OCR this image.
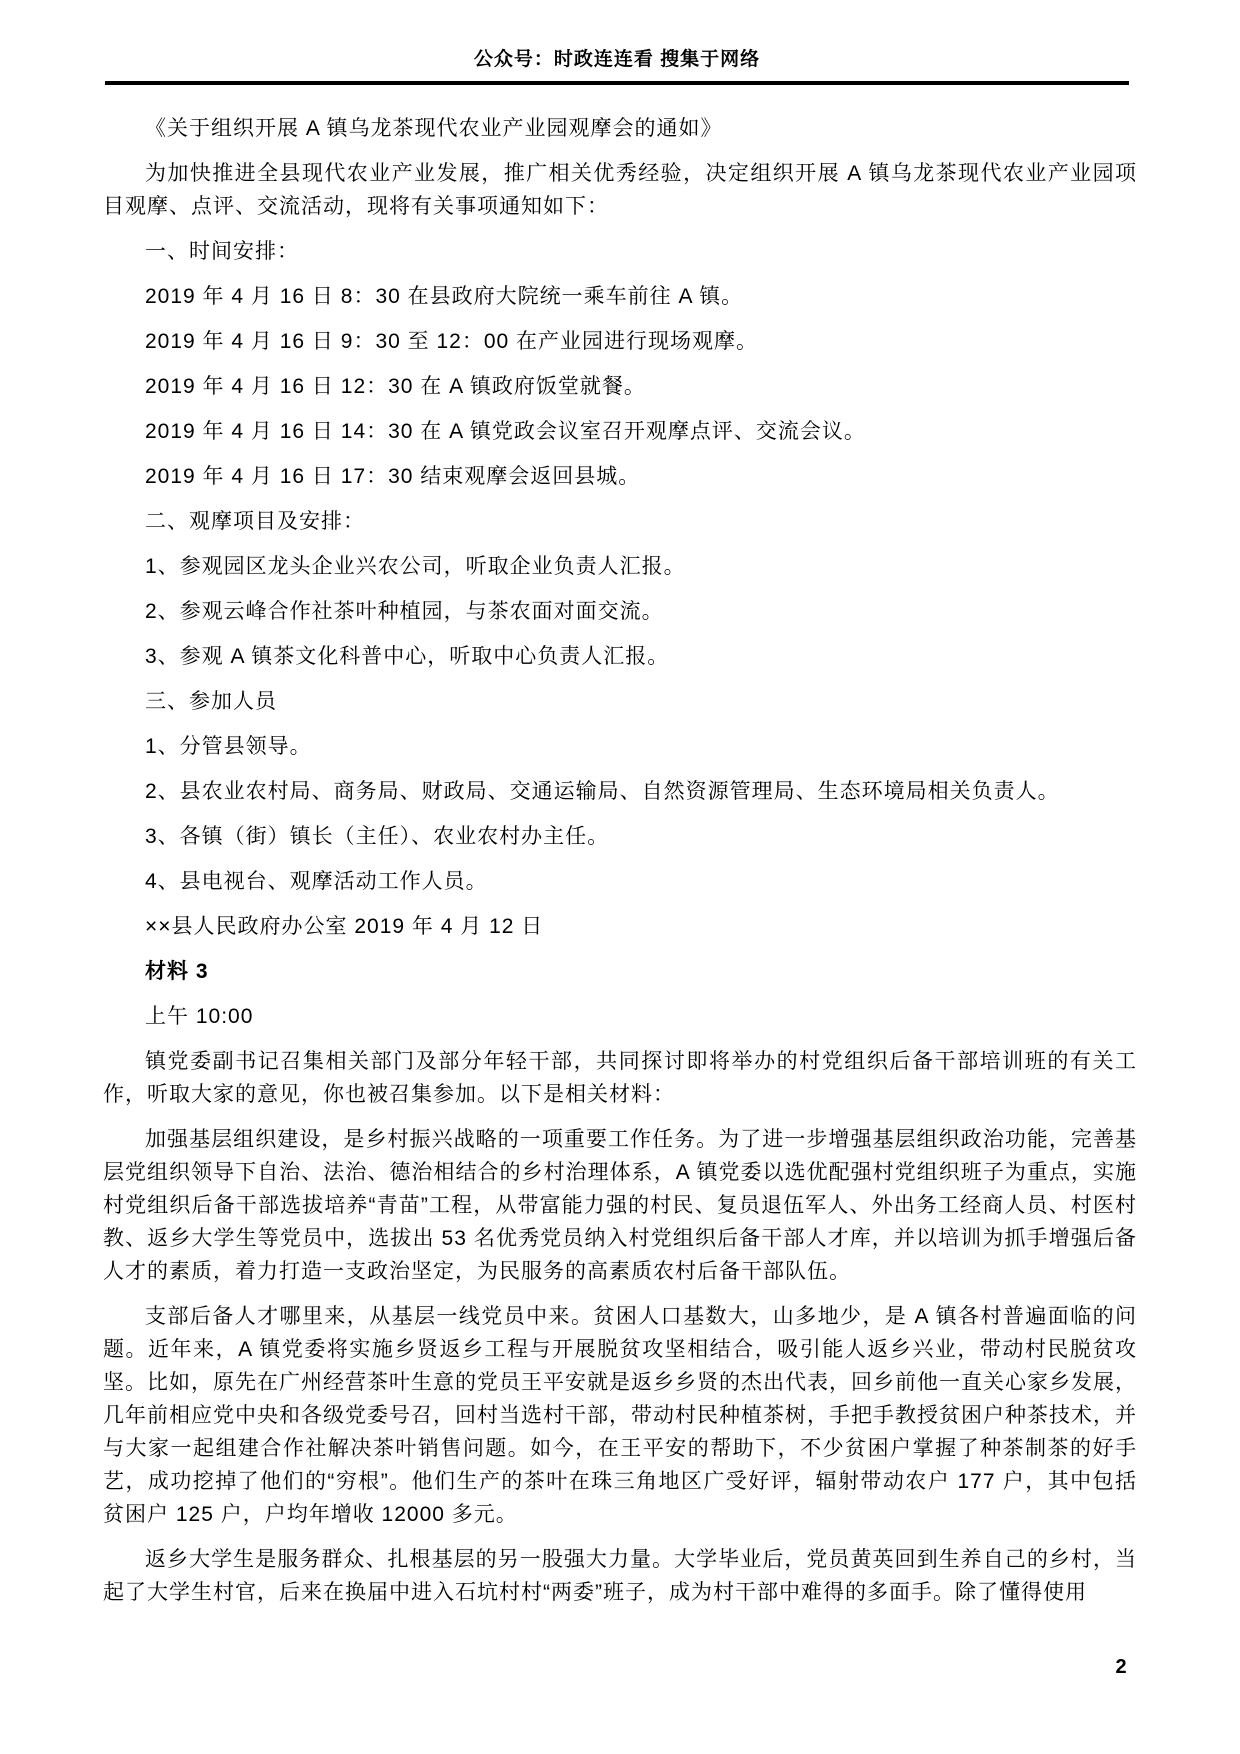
公众号：时政连连看 搜集于网络

《关于组织开展 A 镇乌龙茶现代农业产业园观摩会的通如》

为加快推进全县现代农业产业发展，推广相关优秀经验，决定组织开展 A 镇乌龙茶现代农业产业园项目观摩、点评、交流活动，现将有关事项通知如下：

一、时间安排：

2019 年 4 月 16 日 8：30 在县政府大院统一乘车前往 A 镇。

2019 年 4 月 16 日 9：30 至 12：00 在产业园进行现场观摩。

2019 年 4 月 16 日 12：30 在 A 镇政府饭堂就餐。

2019 年 4 月 16 日 14：30 在 A 镇党政会议室召开观摩点评、交流会议。

2019 年 4 月 16 日 17：30 结束观摩会返回县城。

二、观摩项目及安排：

1、参观园区龙头企业兴农公司，听取企业负责人汇报。

2、参观云峰合作社茶叶种植园，与茶农面对面交流。

3、参观 A 镇茶文化科普中心，听取中心负责人汇报。

三、参加人员

1、分管县领导。

2、县农业农村局、商务局、财政局、交通运输局、自然资源管理局、生态环境局相关负责人。

3、各镇（街）镇长（主任）、农业农村办主任。

4、县电视台、观摩活动工作人员。

××县人民政府办公室 2019 年 4 月 12 日

材料 3

上午 10:00

镇党委副书记召集相关部门及部分年轻干部，共同探讨即将举办的村党组织后备干部培训班的有关工作，听取大家的意见，你也被召集参加。以下是相关材料：

加强基层组织建设，是乡村振兴战略的一项重要工作任务。为了进一步增强基层组织政治功能，完善基层党组织领导下自治、法治、德治相结合的乡村治理体系，A 镇党委以选优配强村党组织班子为重点，实施村党组织后备干部选拔培养“青苗”工程，从带富能力强的村民、复员退伍军人、外出务工经商人员、村医村教、返乡大学生等党员中，选拔出 53 名优秀党员纳入村党组织后备干部人才库，并以培训为抓手增强后备人才的素质，着力打造一支政治坚定，为民服务的高素质农村后备干部队伍。

支部后备人才哪里来，从基层一线党员中来。贫困人口基数大，山多地少，是 A 镇各村普遍面临的问题。近年来，A 镇党委将实施乡贤返乡工程与开展脱贫攻坚相结合，吸引能人返乡兴业，带动村民脱贫攻坚。比如，原先在广州经营茶叶生意的党员王平安就是返乡乡贤的杰出代表，回乡前他一直关心家乡发展，几年前相应党中央和各级党委号召，回村当选村干部，带动村民种植茶树，手把手教授贫困户种茶技术，并与大家一起组建合作社解决茶叶销售问题。如今，在王平安的帮助下，不少贫困户掌握了种茶制茶的好手艺，成功挖掉了他们的“穷根”。他们生产的茶叶在珠三角地区广受好评，辐射带动农户 177 户，其中包括贫困户 125 户，户均年增收 12000 多元。

返乡大学生是服务群众、扎根基层的另一股强大力量。大学毕业后，党员黄英回到生养自己的乡村，当起了大学生村官，后来在换届中进入石坑村村“两委”班子，成为村干部中难得的多面手。除了懂得使用

2
